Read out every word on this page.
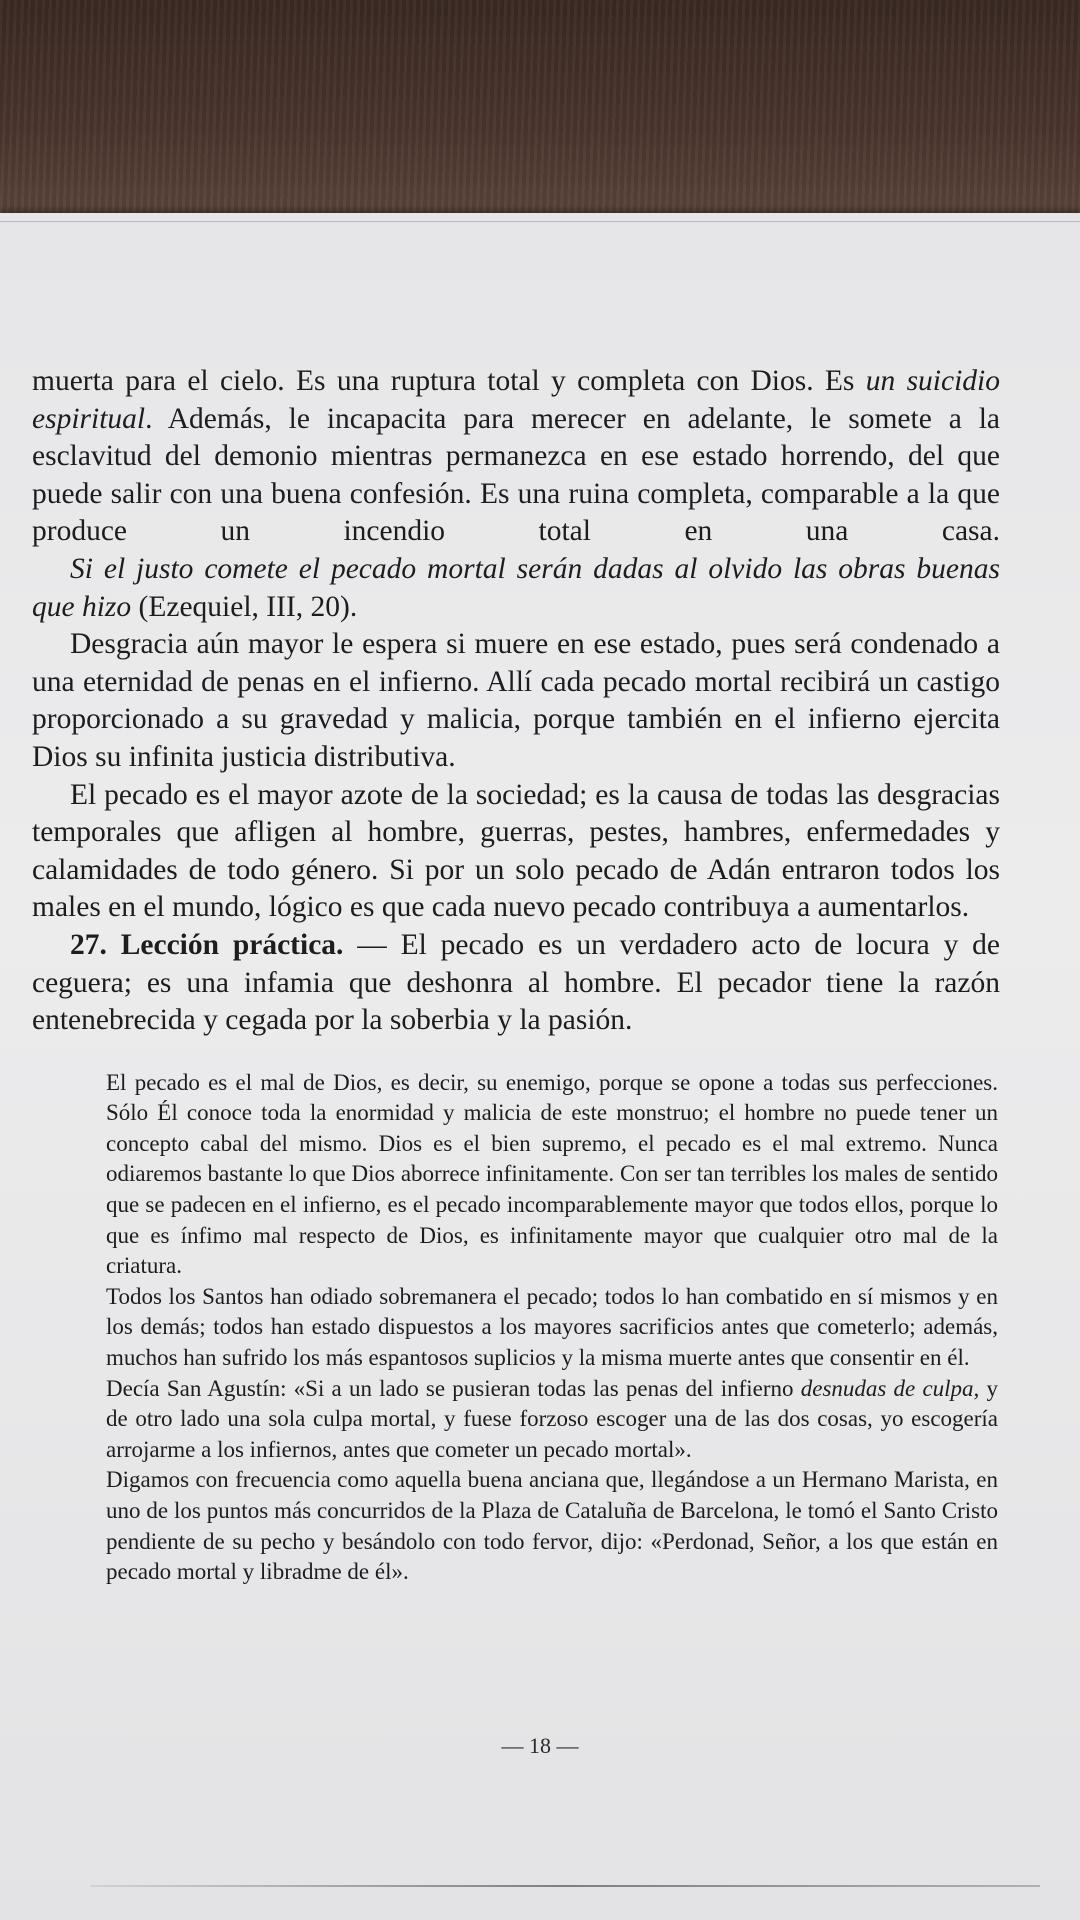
muerta para el cielo. Es una ruptura total y completa con Dios. Es un suicidio espiritual. Además, le incapacita para merecer en adelante, le somete a la esclavitud del demonio mientras permanezca en ese estado horrendo, del que puede salir con una buena confesión. Es una ruina completa, comparable a la que produce un incendio total en una casa.

Si el justo comete el pecado mortal serán dadas al olvido las obras buenas que hizo (Ezequiel, III, 20).

Desgracia aún mayor le espera si muere en ese estado, pues será condenado a una eternidad de penas en el infierno. Allí cada pecado mortal recibirá un castigo proporcionado a su gravedad y malicia, porque también en el infierno ejercita Dios su infinita justicia distributiva.

El pecado es el mayor azote de la sociedad; es la causa de todas las desgracias temporales que afligen al hombre, guerras, pestes, hambres, enfermedades y calamidades de todo género. Si por un solo pecado de Adán entraron todos los males en el mundo, lógico es que cada nuevo pecado contribuya a aumentarlos.

27. Lección práctica. — El pecado es un verdadero acto de locura y de ceguera; es una infamia que deshonra al hombre. El pecador tiene la razón entenebrecida y cegada por la soberbia y la pasión.

El pecado es el mal de Dios, es decir, su enemigo, porque se opone a todas sus perfecciones. Sólo Él conoce toda la enormidad y malicia de este monstruo; el hombre no puede tener un concepto cabal del mismo. Dios es el bien supremo, el pecado es el mal extremo. Nunca odiaremos bastante lo que Dios aborrece infinitamente. Con ser tan terribles los males de sentido que se padecen en el infierno, es el pecado incomparablemente mayor que todos ellos, porque lo que es ínfimo mal respecto de Dios, es infinitamente mayor que cualquier otro mal de la criatura.

Todos los Santos han odiado sobremanera el pecado; todos lo han combatido en sí mismos y en los demás; todos han estado dispuestos a los mayores sacrificios antes que cometerlo; además, muchos han sufrido los más espantosos suplicios y la misma muerte antes que consentir en él.

Decía San Agustín: «Si a un lado se pusieran todas las penas del infierno desnudas de culpa, y de otro lado una sola culpa mortal, y fuese forzoso escoger una de las dos cosas, yo escogería arrojarme a los infiernos, antes que cometer un pecado mortal».

Digamos con frecuencia como aquella buena anciana que, llegándose a un Hermano Marista, en uno de los puntos más concurridos de la Plaza de Cataluña de Barcelona, le tomó el Santo Cristo pendiente de su pecho y besándolo con todo fervor, dijo: «Perdonad, Señor, a los que están en pecado mortal y libradme de él».

— 18 —
